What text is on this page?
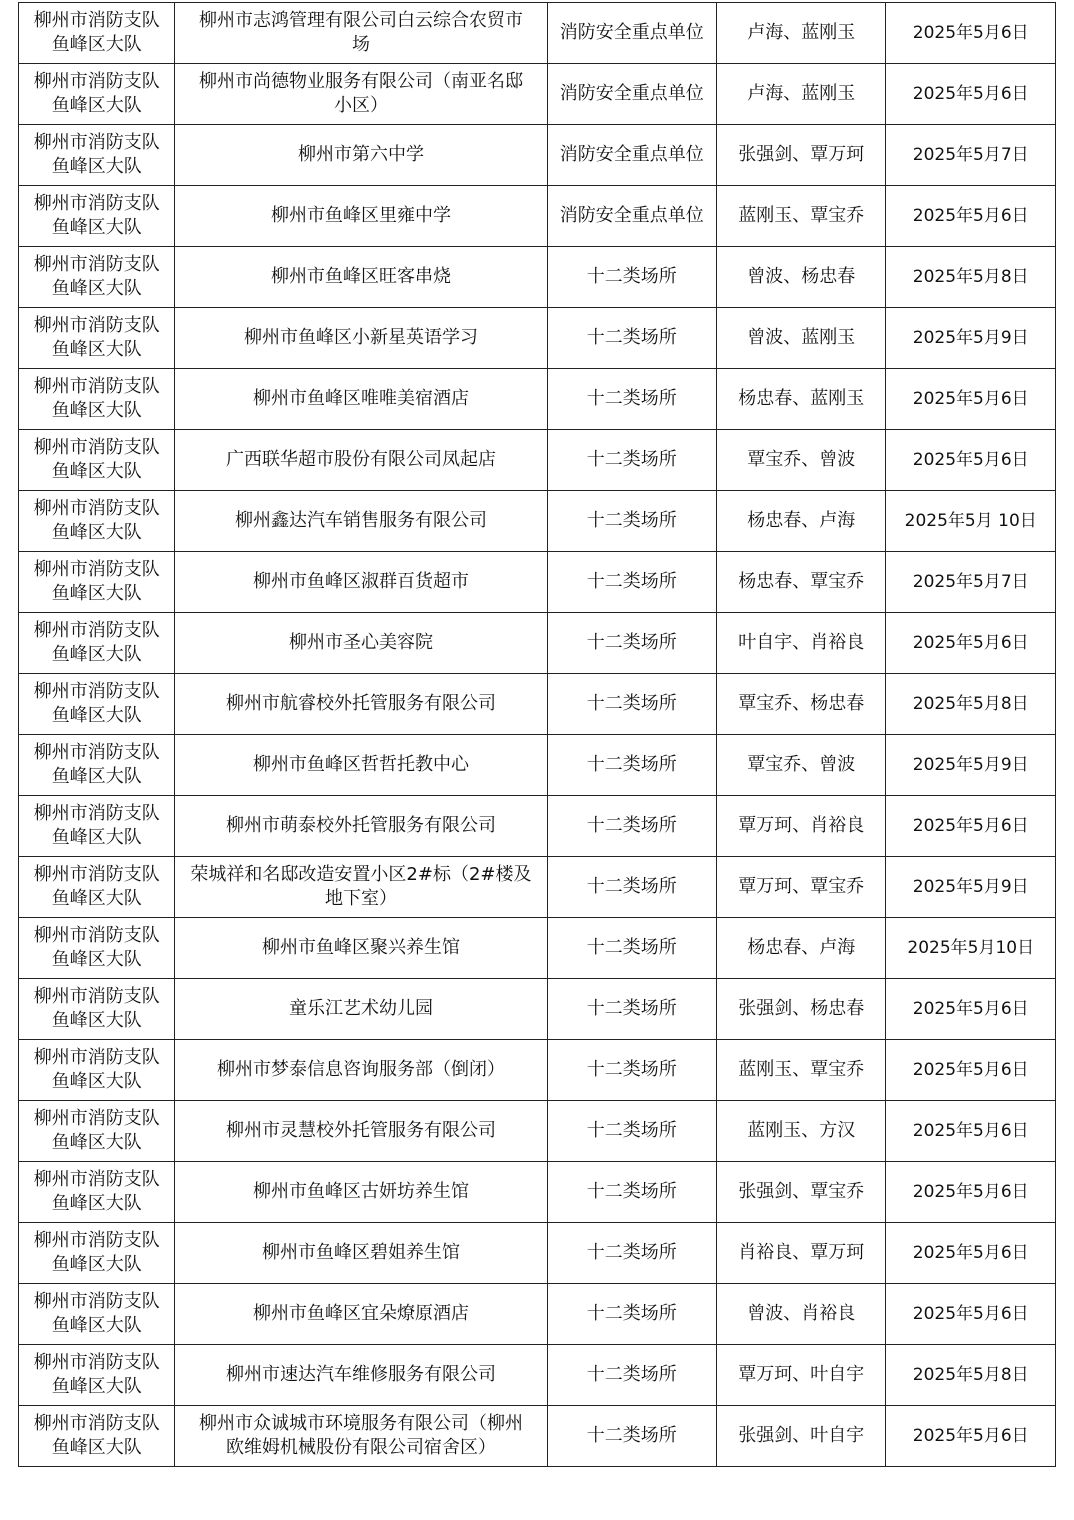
柳州市消防支队
鱼峰区大队	柳州市志鸿管理有限公司白云综合农贸市
场	消防安全重点单位	卢海、蓝刚玉	2025年5月6日

柳州市消防支队
鱼峰区大队	柳州市尚德物业服务有限公司（南亚名邸
小区）	消防安全重点单位	卢海、蓝刚玉	2025年5月6日

柳州市消防支队
鱼峰区大队	柳州市第六中学	消防安全重点单位	张强剑、覃万珂	2025年5月7日

柳州市消防支队
鱼峰区大队	柳州市鱼峰区里雍中学	消防安全重点单位	蓝刚玉、覃宝乔	2025年5月6日

柳州市消防支队
鱼峰区大队	柳州市鱼峰区旺客串烧	十二类场所	曾波、杨忠春	2025年5月8日

柳州市消防支队
鱼峰区大队	柳州市鱼峰区小新星英语学习	十二类场所	曾波、蓝刚玉	2025年5月9日

柳州市消防支队
鱼峰区大队	柳州市鱼峰区唯唯美宿酒店	十二类场所	杨忠春、蓝刚玉	2025年5月6日

柳州市消防支队
鱼峰区大队	广西联华超市股份有限公司凤起店	十二类场所	覃宝乔、曾波	2025年5月6日

柳州市消防支队
鱼峰区大队	柳州鑫达汽车销售服务有限公司	十二类场所	杨忠春、卢海	2025年5月 10日

柳州市消防支队
鱼峰区大队	柳州市鱼峰区淑群百货超市	十二类场所	杨忠春、覃宝乔	2025年5月7日

柳州市消防支队
鱼峰区大队	柳州市圣心美容院	十二类场所	叶自宇、肖裕良	2025年5月6日

柳州市消防支队
鱼峰区大队	柳州市航睿校外托管服务有限公司	十二类场所	覃宝乔、杨忠春	2025年5月8日

柳州市消防支队
鱼峰区大队	柳州市鱼峰区哲哲托教中心	十二类场所	覃宝乔、曾波	2025年5月9日

柳州市消防支队
鱼峰区大队	柳州市萌泰校外托管服务有限公司	十二类场所	覃万珂、肖裕良	2025年5月6日

柳州市消防支队
鱼峰区大队	荣城祥和名邸改造安置小区2#标（2#楼及
地下室）	十二类场所	覃万珂、覃宝乔	2025年5月9日

柳州市消防支队
鱼峰区大队	柳州市鱼峰区聚兴养生馆	十二类场所	杨忠春、卢海	2025年5月10日

柳州市消防支队
鱼峰区大队	童乐江艺术幼儿园	十二类场所	张强剑、杨忠春	2025年5月6日

柳州市消防支队
鱼峰区大队	柳州市梦泰信息咨询服务部（倒闭）	十二类场所	蓝刚玉、覃宝乔	2025年5月6日

柳州市消防支队
鱼峰区大队	柳州市灵慧校外托管服务有限公司	十二类场所	蓝刚玉、方汉	2025年5月6日

柳州市消防支队
鱼峰区大队	柳州市鱼峰区古妍坊养生馆	十二类场所	张强剑、覃宝乔	2025年5月6日

柳州市消防支队
鱼峰区大队	柳州市鱼峰区碧姐养生馆	十二类场所	肖裕良、覃万珂	2025年5月6日

柳州市消防支队
鱼峰区大队	柳州市鱼峰区宜朵燎原酒店	十二类场所	曾波、肖裕良	2025年5月6日

柳州市消防支队
鱼峰区大队	柳州市速达汽车维修服务有限公司	十二类场所	覃万珂、叶自宇	2025年5月8日

柳州市消防支队
鱼峰区大队	柳州市众诚城市环境服务有限公司（柳州
欧维姆机械股份有限公司宿舍区）	十二类场所	张强剑、叶自宇	2025年5月6日
